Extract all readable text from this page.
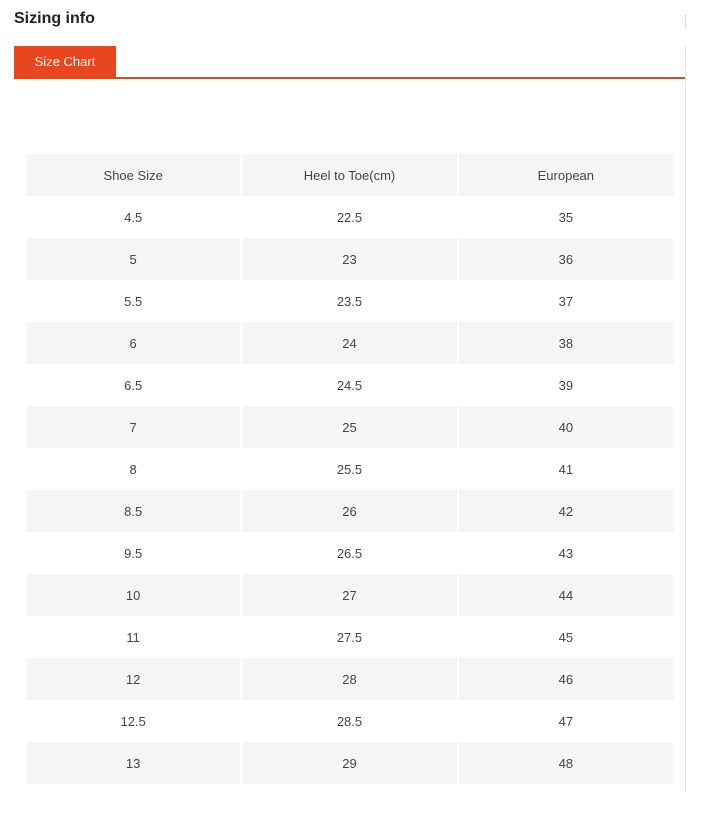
Sizing info
Size Chart
Shoe Size	Heel to Toe(cm)	European
4.5	22.5	35
5	23	36
5.5	23.5	37
6	24	38
6.5	24.5	39
7	25	40
8	25.5	41
8.5	26	42
9.5	26.5	43
10	27	44
11	27.5	45
12	28	46
12.5	28.5	47
13	29	48
